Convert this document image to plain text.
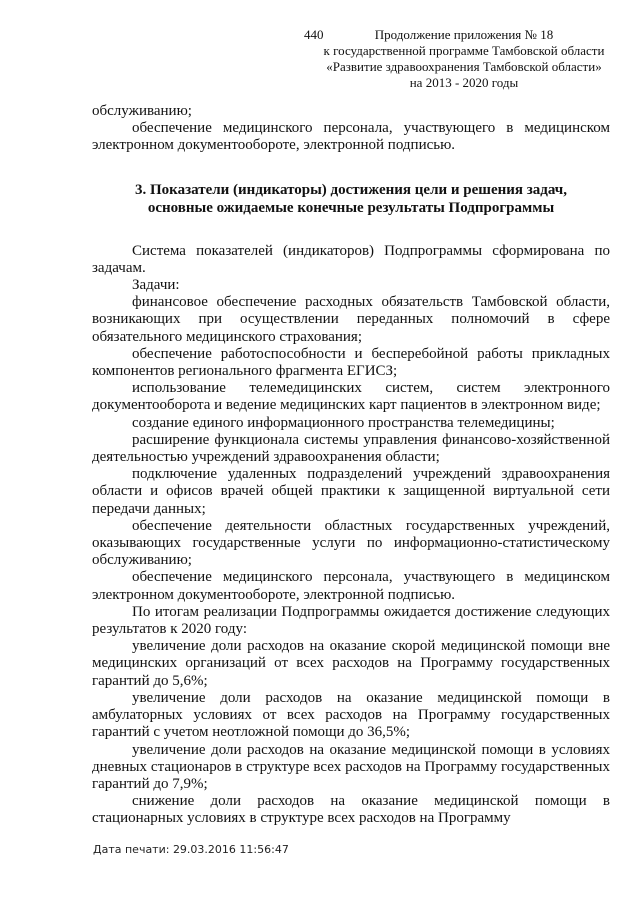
440	Продолжение приложения № 18
к государственной программе Тамбовской области
«Развитие здравоохранения Тамбовской области»
на 2013 - 2020 годы

обслуживанию;

обеспечение медицинского персонала, участвующего в медицинском электронном документообороте, электронной подписью.

3. Показатели (индикаторы) достижения цели и решения задач,
основные ожидаемые конечные результаты Подпрограммы

Система показателей (индикаторов) Подпрограммы сформирована по задачам.

Задачи:

финансовое обеспечение расходных обязательств Тамбовской области, возникающих при осуществлении переданных полномочий в сфере обязательного медицинского страхования;

обеспечение работоспособности и бесперебойной работы прикладных компонентов регионального фрагмента ЕГИСЗ;

использование телемедицинских систем, систем электронного документооборота и ведение медицинских карт пациентов в электронном виде;

создание единого информационного пространства телемедицины;

расширение функционала системы управления финансово-хозяйственной деятельностью учреждений здравоохранения области;

подключение удаленных подразделений учреждений здравоохранения области и офисов врачей общей практики к защищенной виртуальной сети передачи данных;

обеспечение деятельности областных государственных учреждений, оказывающих государственные услуги по информационно-статистическому обслуживанию;

обеспечение медицинского персонала, участвующего в медицинском электронном документообороте, электронной подписью.

По итогам реализации Подпрограммы ожидается достижение следующих результатов к 2020 году:

увеличение доли расходов на оказание скорой медицинской помощи вне медицинских организаций от всех расходов на Программу государственных гарантий до 5,6%;

увеличение доли расходов на оказание медицинской помощи в амбулаторных условиях от всех расходов на Программу государственных гарантий с учетом неотложной помощи до 36,5%;

увеличение доли расходов на оказание медицинской помощи в условиях дневных стационаров в структуре всех расходов на Программу государственных гарантий до 7,9%;

снижение доли расходов на оказание медицинской помощи в стационарных условиях в структуре всех расходов на Программу

Дата печати: 29.03.2016 11:56:47
